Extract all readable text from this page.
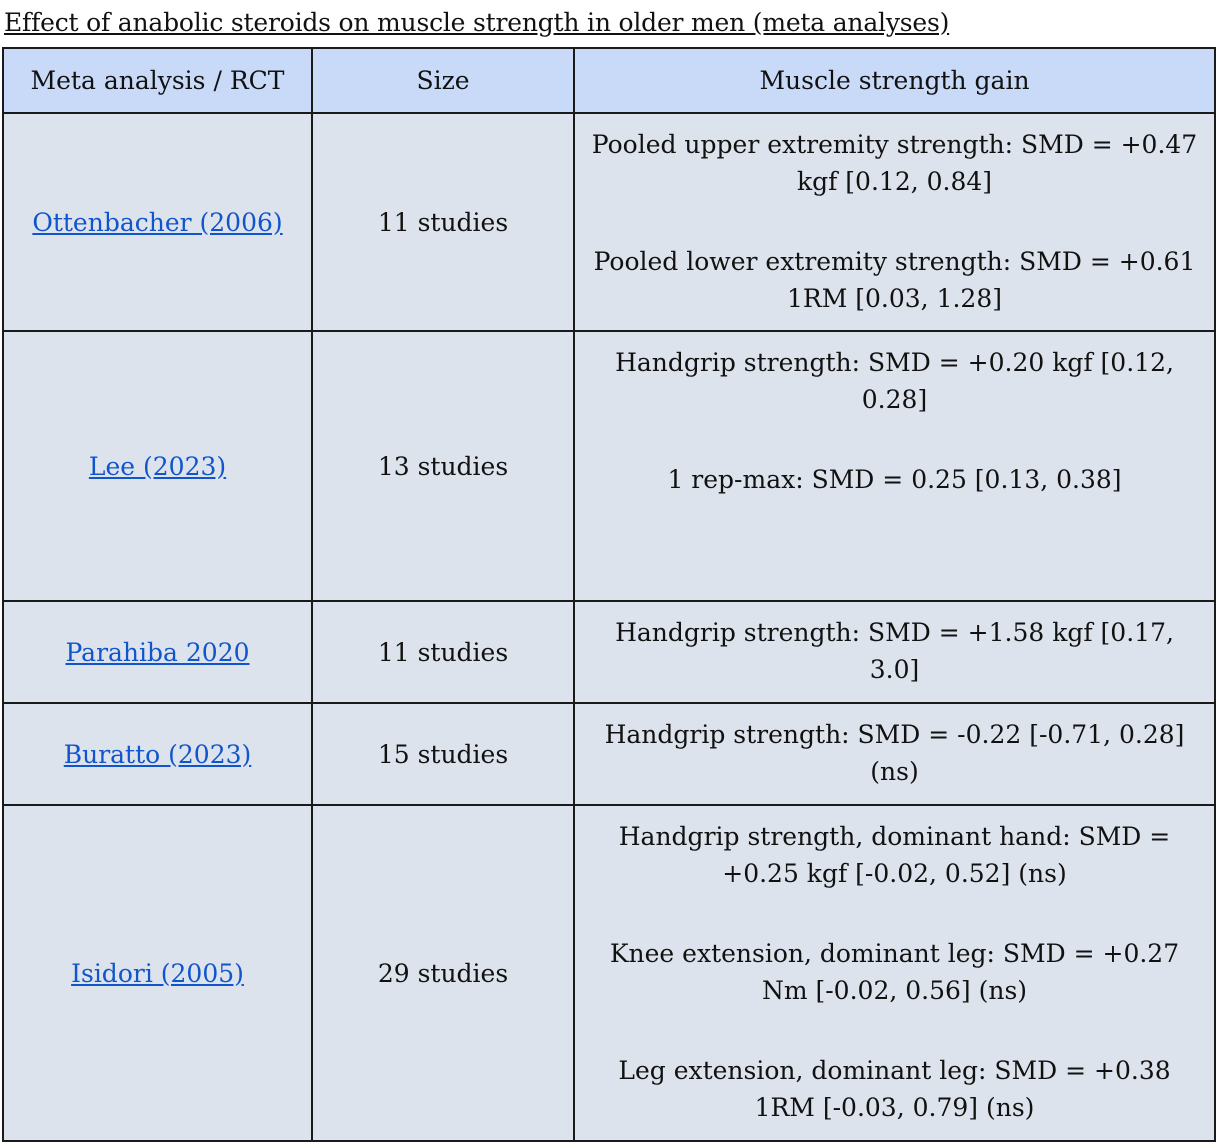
Effect of anabolic steroids on muscle strength in older men (meta analyses)
Meta analysis / RCT	Size	Muscle strength gain
Ottenbacher (2006)	11 studies	Pooled upper extremity strength: SMD = +0.47 kgf [0.12, 0.84]
Pooled lower extremity strength: SMD = +0.61 1RM [0.03, 1.28]

Lee (2023)	13 studies	Handgrip strength: SMD = +0.20 kgf [0.12, 0.28]
1 rep-max: SMD = 0.25 [0.13, 0.38]

Parahiba 2020	11 studies	Handgrip strength: SMD = +1.58 kgf [0.17, 3.0]

Buratto (2023)	15 studies	Handgrip strength: SMD = -0.22 [-0.71, 0.28] (ns)

Isidori (2005)	29 studies	Handgrip strength, dominant hand: SMD = +0.25 kgf [-0.02, 0.52] (ns)
Knee extension, dominant leg: SMD = +0.27 Nm [-0.02, 0.56] (ns)
Leg extension, dominant leg: SMD = +0.38 1RM [-0.03, 0.79] (ns)
